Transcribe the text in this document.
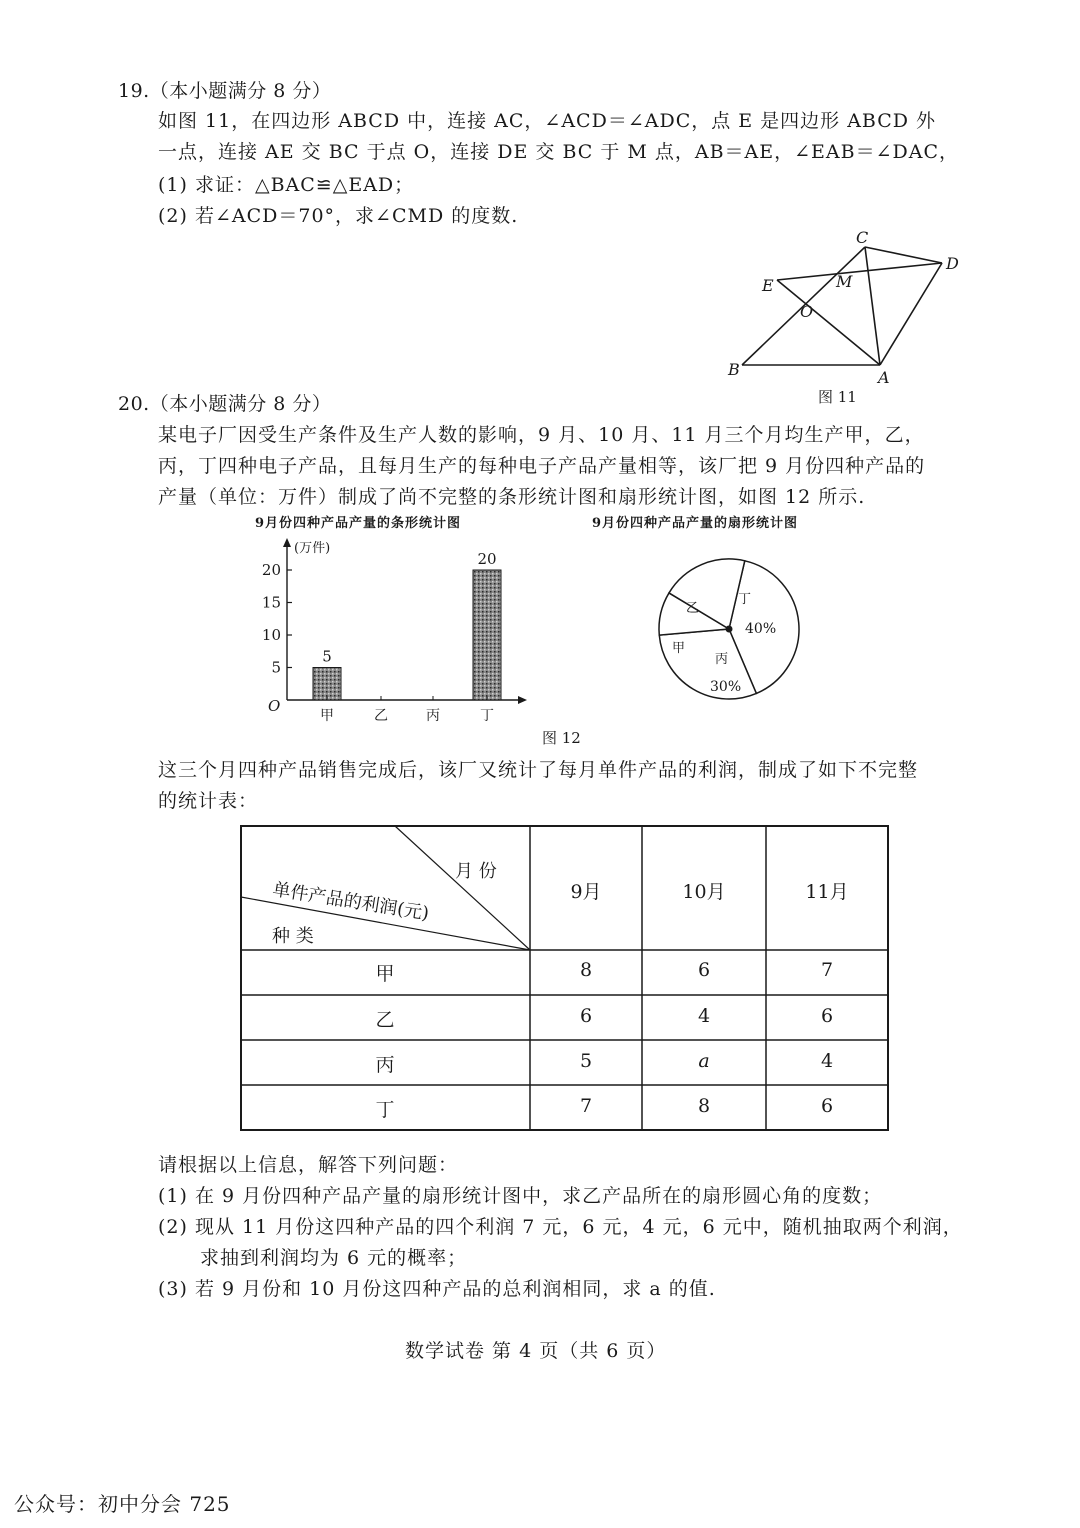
19.（本小题满分 8 分）
如图 11，在四边形 ABCD 中，连接 AC，∠ACD＝∠ADC，点 E 是四边形 ABCD 外
一点，连接 AE 交 BC 于点 O，连接 DE 交 BC 于 M 点，AB＝AE，∠EAB＝∠DAC，
(1) 求证：△BAC≌△EAD；
(2) 若∠ACD＝70°，求∠CMD 的度数.
B	A
C
D
E	M
O
图 11
20.（本小题满分 8 分）
某电子厂因受生产条件及生产人数的影响，9 月、10 月、11 月三个月均生产甲，乙，
丙，丁四种电子产品，且每月生产的每种电子产品产量相等，该厂把 9 月份四种产品的
产量（单位：万件）制成了尚不完整的条形统计图和扇形统计图，如图 12 所示.
9月份四种产品产量的条形统计图	9月份四种产品产量的扇形统计图
(万件)
O
5
10
15
20
5
甲	乙	丙
20
丁
丁
40%
丙
30%
甲
乙
图 12
这三个月四种产品销售完成后，该厂又统计了每月单件产品的利润，制成了如下不完整
的统计表：
月 份
单件产品的利润(元)
种 类
9月	10月	11月
甲	8	6	7
乙	6	4	6
丙	5	a	4
丁	7	8	6
请根据以上信息，解答下列问题：
(1) 在 9 月份四种产品产量的扇形统计图中，求乙产品所在的扇形圆心角的度数；
(2) 现从 11 月份这四种产品的四个利润 7 元，6 元，4 元，6 元中，随机抽取两个利润，
求抽到利润均为 6 元的概率；
(3) 若 9 月份和 10 月份这四种产品的总利润相同，求 a 的值.
数学试卷 第 4 页（共 6 页）
公众号：初中分会 725
